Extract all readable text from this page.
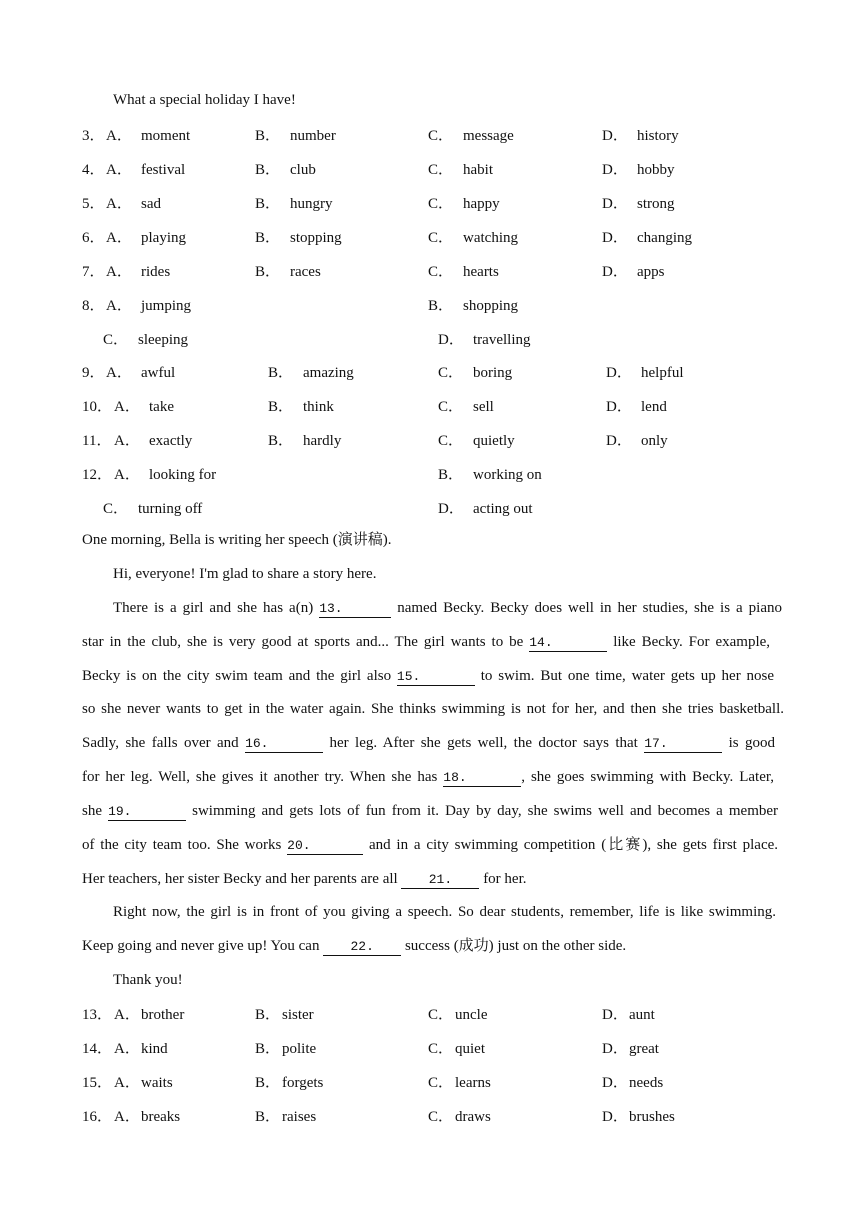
What a special holiday I have!
3． A． moment	B． number	C． message	D． history
4． A． festival	B． club	C． habit	D． hobby
5． A． sad	B． hungry	C． happy	D． strong
6． A． playing	B． stopping	C． watching	D． changing
7． A． rides	B． races	C． hearts	D． apps
8． A． jumping	B． shopping
C． sleeping	D． travelling
9． A． awful	B． amazing	C． boring	D． helpful
10． A． take	B． think	C． sell	D． lend
11． A． exactly	B． hardly	C． quietly	D． only
12． A． looking for	B． working on
C． turning off	D． acting out
One morning, Bella is writing her speech (演讲稿).
Hi, everyone! I'm glad to share a story here.
There is a girl and she has a(n) 13.	named Becky. Becky does well in her studies, she is a piano
star in the club, she is very good at sports and... The girl wants to be 14.	like Becky. For example,
Becky is on the city swim team and the girl also 15.	to swim. But one time, water gets up her nose
so she never wants to get in the water again. She thinks swimming is not for her, and then she tries basketball.
Sadly, she falls over and 16.	her leg. After she gets well, the doctor says that 17.	is good
for her leg. Well, she gives it another try. When she has 18.	, she goes swimming with Becky. Later,
she 19.	swimming and gets lots of fun from it. Day by day, she swims well and becomes a member
of the city team too. She works 20.	and in a city swimming competition (比赛), she gets first place.
Her teachers, her sister Becky and her parents are all 21. for her.
Right now, the girl is in front of you giving a speech. So dear students, remember, life is like swimming.
Keep going and never give up! You can 22. success (成功) just on the other side.
Thank you!
13． A．brother	B． sister	C． uncle	D．aunt
14． A．kind	B． polite	C． quiet	D．great
15． A．waits	B． forgets	C． learns	D．needs
16． A．breaks	B． raises	C． draws	D．brushes
